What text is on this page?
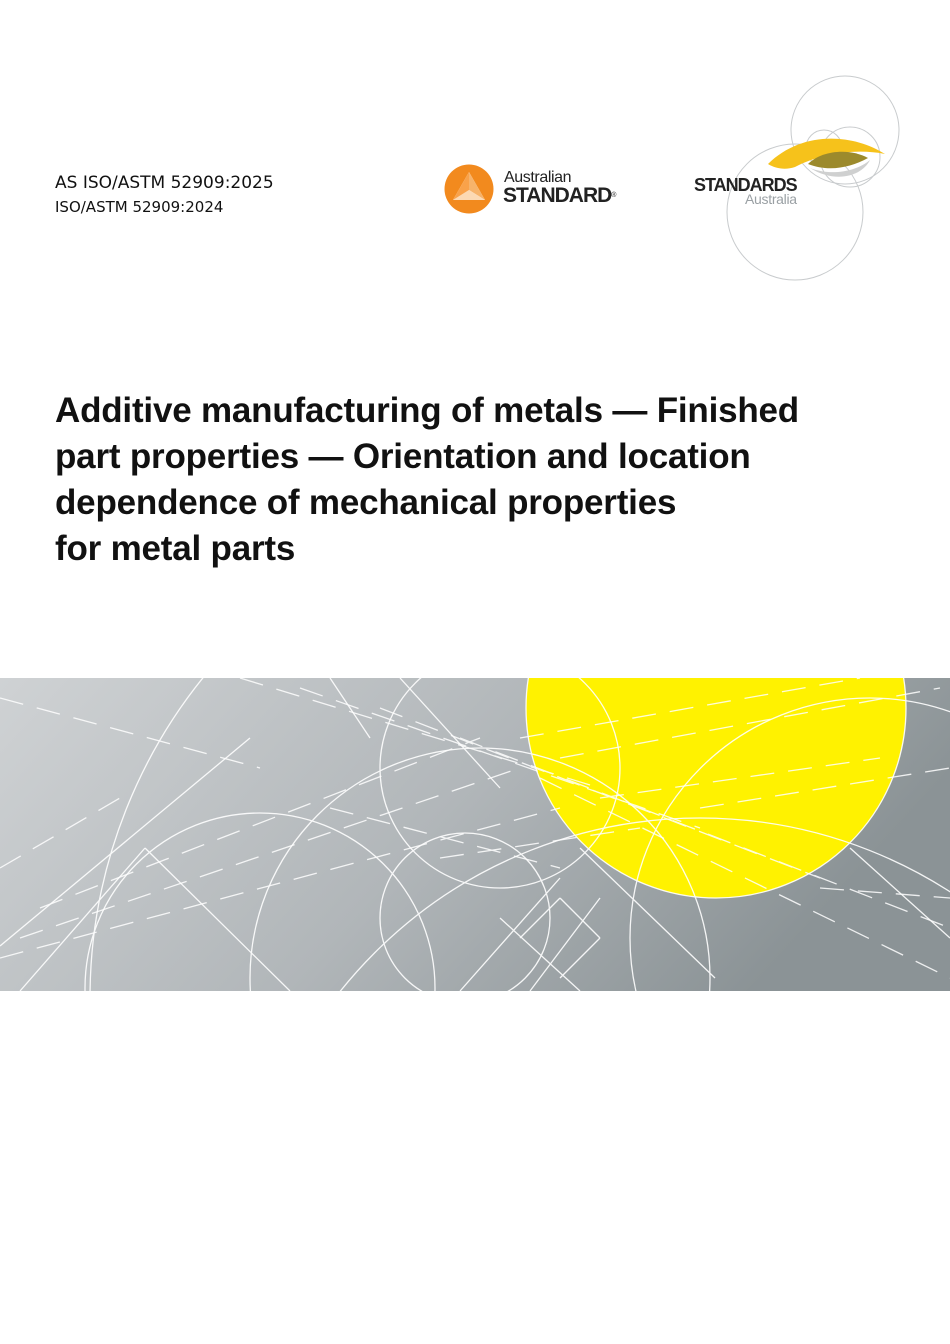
AS ISO/ASTM 52909:2025
ISO/ASTM 52909:2024
Australian
STANDARD®
STANDARDS
Australia
Additive manufacturing of metals — Finished
part properties — Orientation and location
dependence of mechanical properties
for metal parts
